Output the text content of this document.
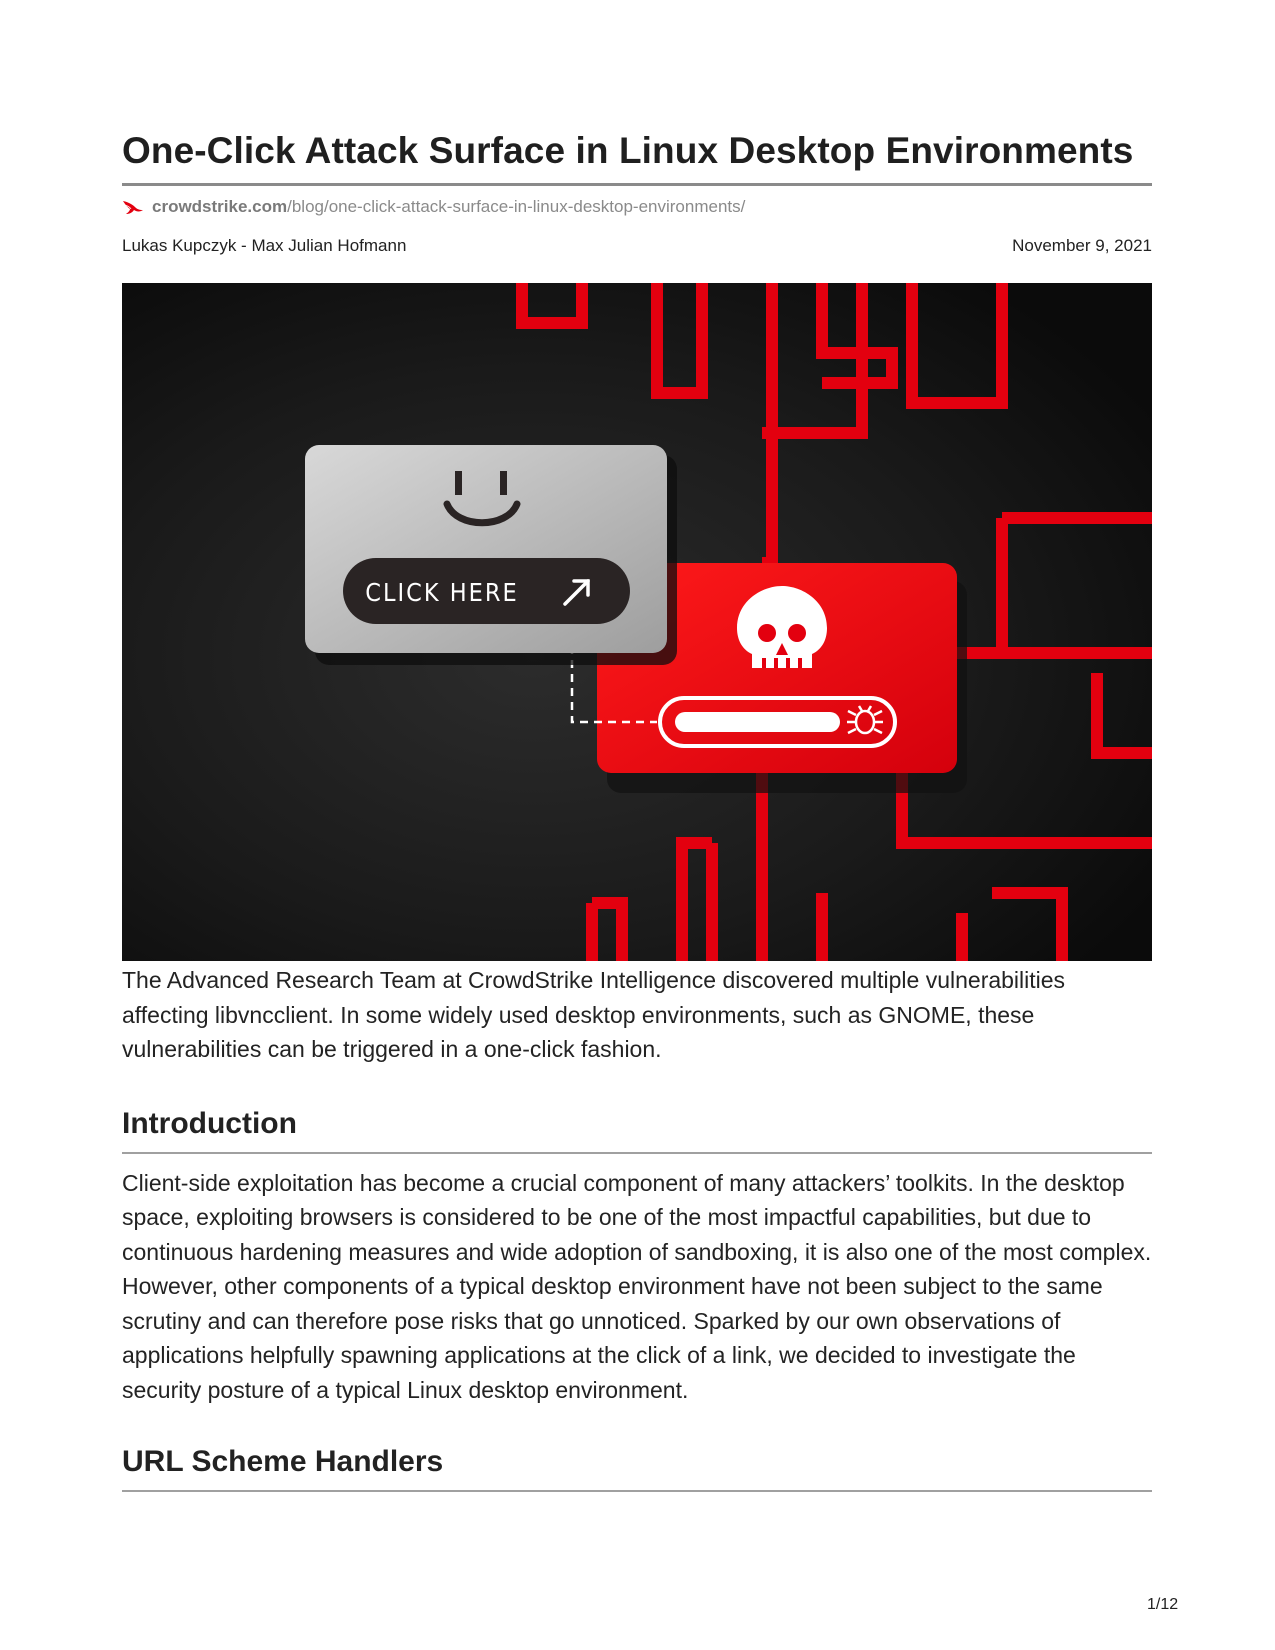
One-Click Attack Surface in Linux Desktop Environments
crowdstrike.com /blog/one-click-attack-surface-in-linux-desktop-environments/
Lukas Kupczyk - Max Julian Hofmann	November 9, 2021
CLICK HERE

The Advanced Research Team at CrowdStrike Intelligence discovered multiple vulnerabilities affecting libvncclient. In some widely used desktop environments, such as GNOME, these vulnerabilities can be triggered in a one-click fashion.

Introduction

Client-side exploitation has become a crucial component of many attackers’ toolkits. In the desktop space, exploiting browsers is considered to be one of the most impactful capabilities, but due to continuous hardening measures and wide adoption of sandboxing, it is also one of the most complex. However, other components of a typical desktop environment have not been subject to the same scrutiny and can therefore pose risks that go unnoticed. Sparked by our own observations of applications helpfully spawning applications at the click of a link, we decided to investigate the security posture of a typical Linux desktop environment.

URL Scheme Handlers
1/12
